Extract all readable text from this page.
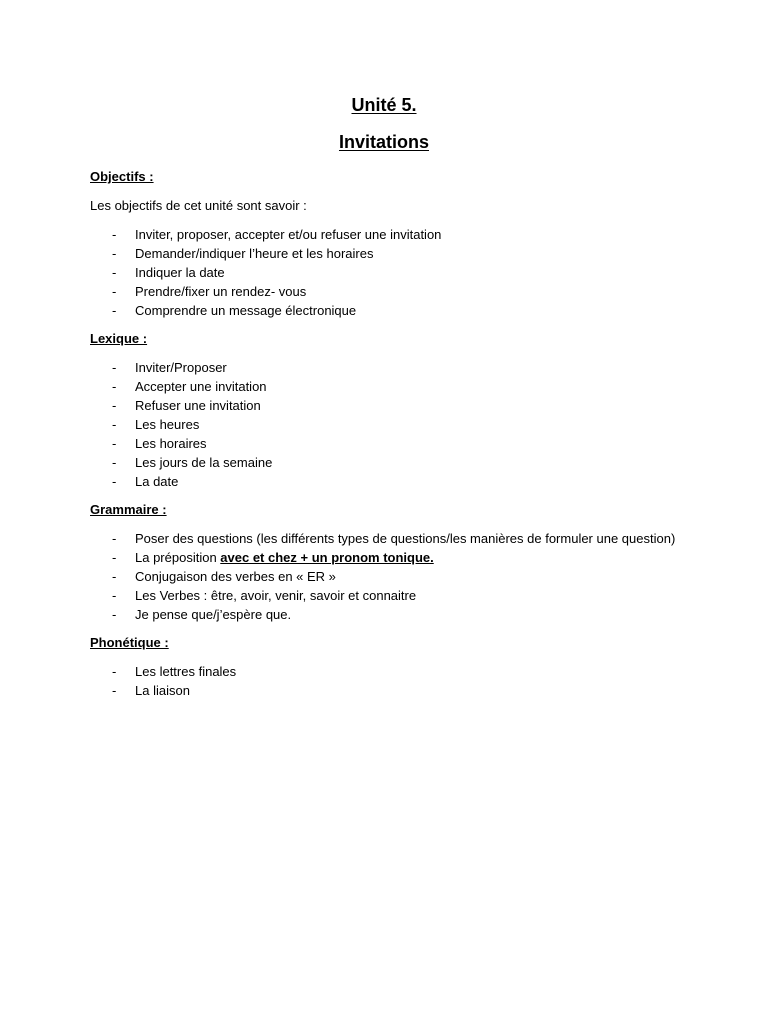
Unité 5.
Invitations

Objectifs :

Les objectifs de cet unité sont savoir :

- Inviter, proposer, accepter et/ou refuser une invitation
- Demander/indiquer l’heure et les horaires
- Indiquer la date
- Prendre/fixer un rendez- vous
- Comprendre un message électronique

Lexique :

- Inviter/Proposer
- Accepter une invitation
- Refuser une invitation
- Les heures
- Les horaires
- Les jours de la semaine
- La date

Grammaire :

- Poser des questions (les différents types de questions/les manières de formuler une question)
- La préposition avec et chez + un pronom tonique.
- Conjugaison des verbes en « ER »
- Les Verbes : être, avoir, venir, savoir et connaitre
- Je pense que/j’espère que.

Phonétique :

- Les lettres finales
- La liaison
